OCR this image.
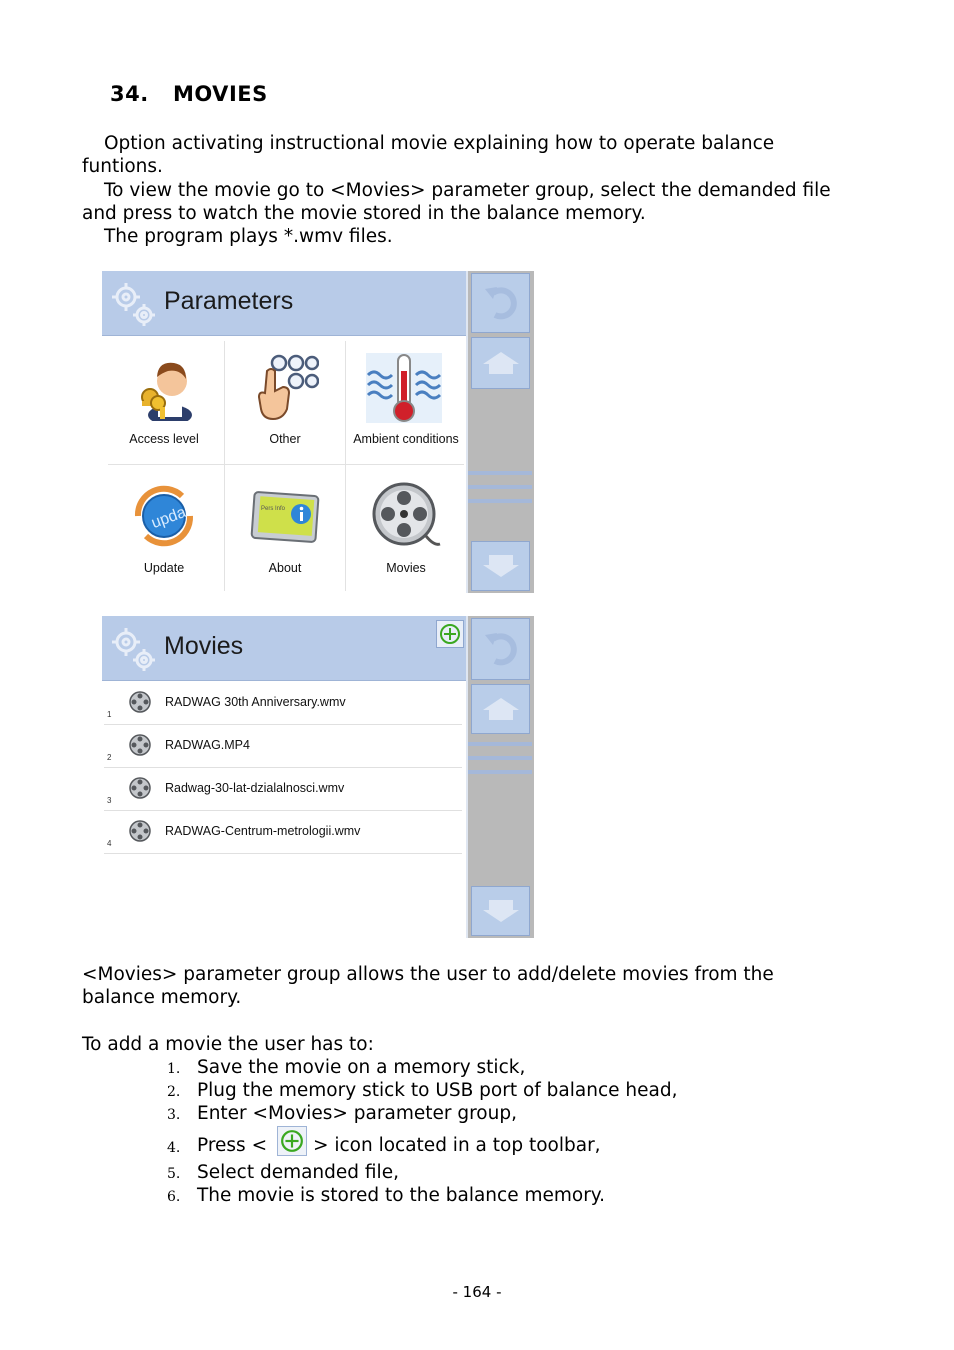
34. MOVIES
Option activating instructional movie explaining how to operate balance
funtions.
To view the movie go to <Movies> parameter group, select the demanded file
and press to watch the movie stored in the balance memory.
The program plays *.wmv files.
Parameters
Access level	Other	Ambient conditions
upda
Update
Pers Info
About	Movies
Movies
RADWAG 30th Anniversary.wmv
1
RADWAG.MP4
2
Radwag-30-lat-dzialalnosci.wmv
3
RADWAG-Centrum-metrologii.wmv
4
<Movies> parameter group allows the user to add/delete movies from the
balance memory.
To add a movie the user has to:
1. Save the movie on a memory stick,
2. Plug the memory stick to USB port of balance head,
3. Enter <Movies> parameter group,
4. Press < > icon located in a top toolbar,
5. Select demanded file,
6. The movie is stored to the balance memory.
- 164 -
